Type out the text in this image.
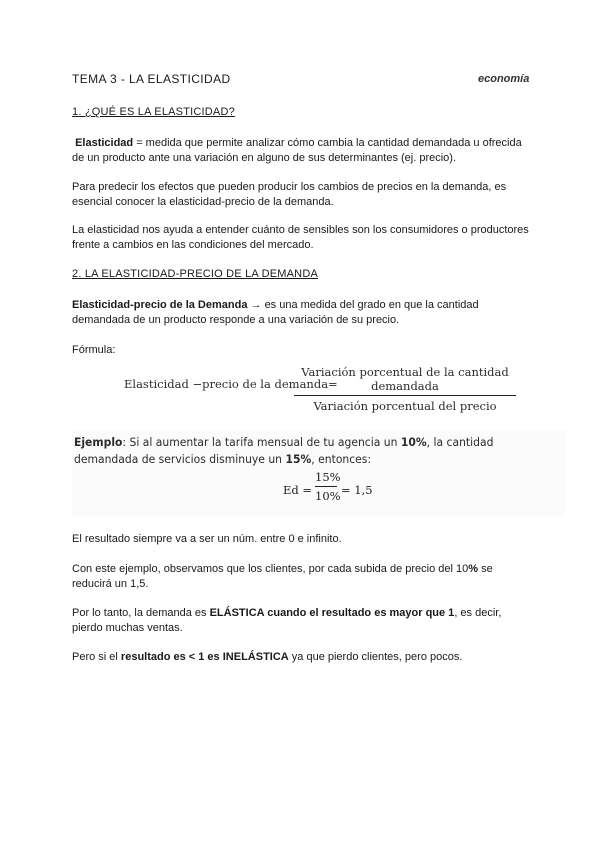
TEMA 3 - LA ELASTICIDAD	economía
1. ¿QUÉ ES LA ELASTICIDAD?

Elasticidad = medida que permite analizar cómo cambia la cantidad demandada u ofrecida de un producto ante una variación en alguno de sus determinantes (ej. precio).

Para predecir los efectos que pueden producir los cambios de precios en la demanda, es esencial conocer la elasticidad-precio de la demanda.
La elasticidad nos ayuda a entender cuánto de sensibles son los consumidores o productores frente a cambios en las condiciones del mercado.
2. LA ELASTICIDAD-PRECIO DE LA DEMANDA

Elasticidad-precio de la Demanda → es una medida del grado en que la cantidad demandada de un producto responde a una variación de su precio.

Fórmula:
Elasticidad −precio de la demanda=
Variación porcentual de la cantidad demandada
Variación porcentual del precio
Ejemplo: Si al aumentar la tarifa mensual de tu agencia un 10%, la cantidad demandada de servicios disminuye un 15%, entonces:
Ed =
15%
10% = 1,5
El resultado siempre va a ser un núm. entre 0 e infinito.

Con este ejemplo, observamos que los clientes, por cada subida de precio del 10% se reducirá un 1,5.

Por lo tanto, la demanda es ELÁSTICA cuando el resultado es mayor que 1, es decir, pierdo muchas ventas.

Pero si el resultado es < 1 es INELÁSTICA ya que pierdo clientes, pero pocos.
